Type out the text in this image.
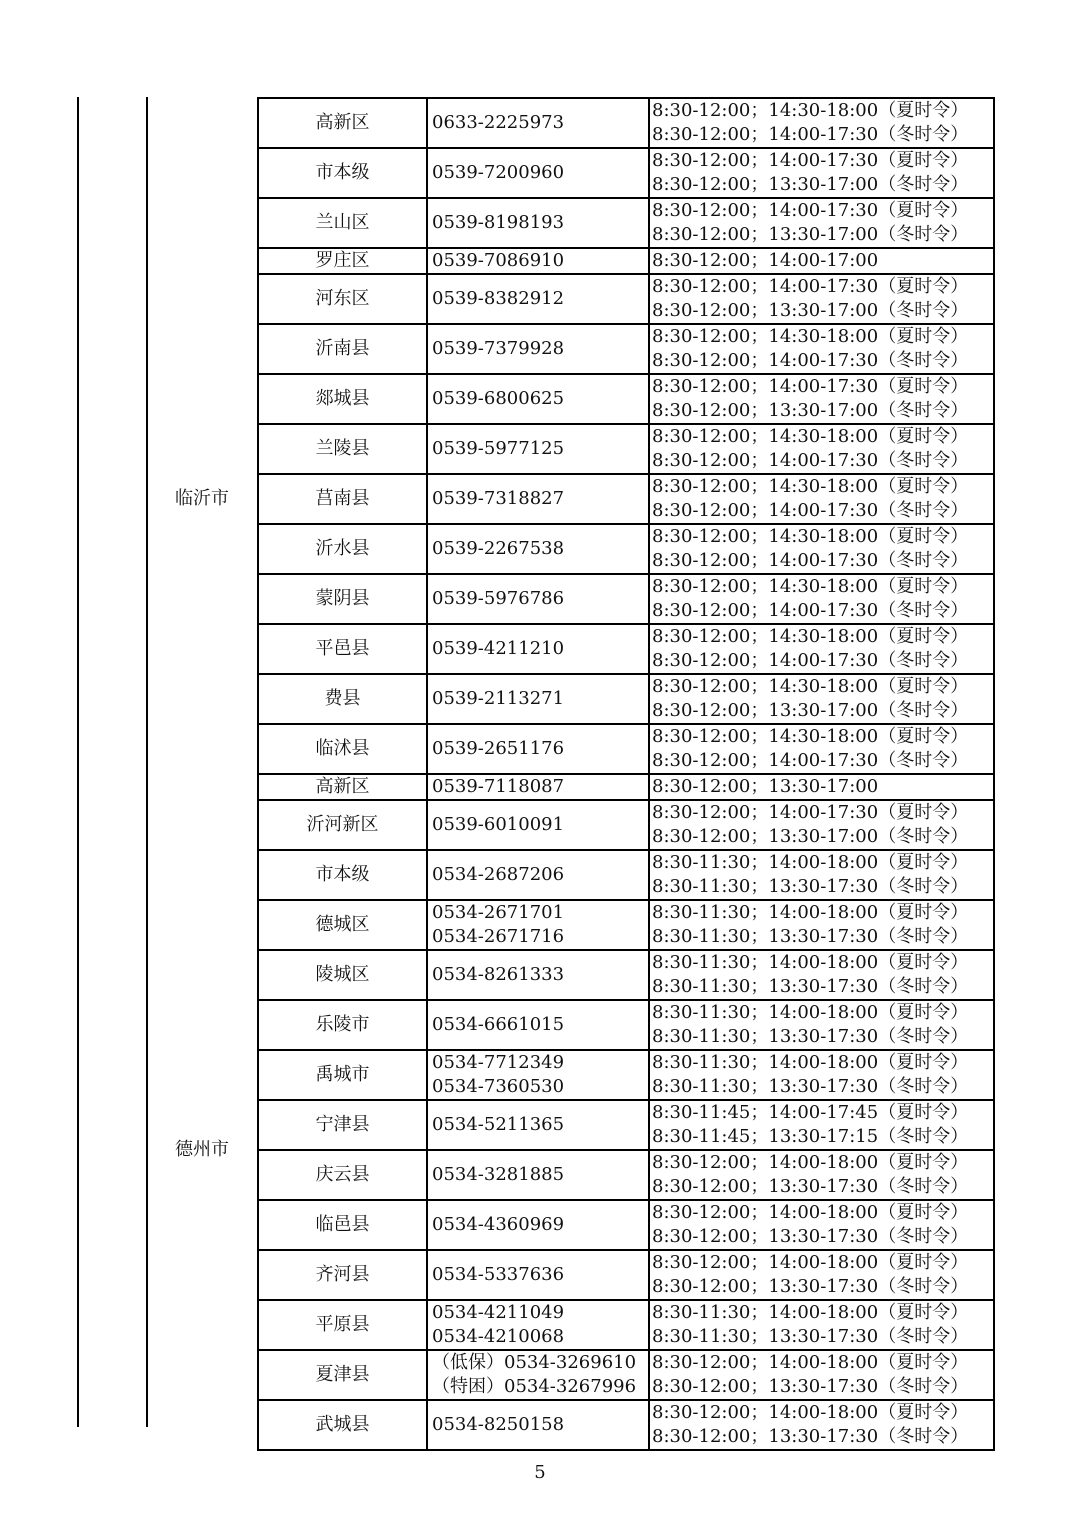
	高新区	0633-2225973	8:30-12:00；14:30-18:00（夏时令）
8:30-12:00；14:00-17:30（冬时令）

临沂市	市本级	0539-7200960	8:30-12:00；14:00-17:30（夏时令）
8:30-12:00；13:30-17:00（冬时令）

	兰山区	0539-8198193	8:30-12:00；14:00-17:30（夏时令）
8:30-12:00；13:30-17:00（冬时令）

	罗庄区	0539-7086910	8:30-12:00；14:00-17:00

	河东区	0539-8382912	8:30-12:00；14:00-17:30（夏时令）
8:30-12:00；13:30-17:00（冬时令）

	沂南县	0539-7379928	8:30-12:00；14:30-18:00（夏时令）
8:30-12:00；14:00-17:30（冬时令）

	郯城县	0539-6800625	8:30-12:00；14:00-17:30（夏时令）
8:30-12:00；13:30-17:00（冬时令）

	兰陵县	0539-5977125	8:30-12:00；14:30-18:00（夏时令）
8:30-12:00；14:00-17:30（冬时令）

	莒南县	0539-7318827	8:30-12:00；14:30-18:00（夏时令）
8:30-12:00；14:00-17:30（冬时令）

	沂水县	0539-2267538	8:30-12:00；14:30-18:00（夏时令）
8:30-12:00；14:00-17:30（冬时令）

	蒙阴县	0539-5976786	8:30-12:00；14:30-18:00（夏时令）
8:30-12:00；14:00-17:30（冬时令）

	平邑县	0539-4211210	8:30-12:00；14:30-18:00（夏时令）
8:30-12:00；14:00-17:30（冬时令）

	费县	0539-2113271	8:30-12:00；14:30-18:00（夏时令）
8:30-12:00；13:30-17:00（冬时令）

	临沭县	0539-2651176	8:30-12:00；14:30-18:00（夏时令）
8:30-12:00；14:00-17:30（冬时令）

	高新区	0539-7118087	8:30-12:00；13:30-17:00

	沂河新区	0539-6010091	8:30-12:00；14:00-17:30（夏时令）
8:30-12:00；13:30-17:00（冬时令）

德州市	市本级	0534-2687206	8:30-11:30；14:00-18:00（夏时令）
8:30-11:30；13:30-17:30（冬时令）

	德城区	0534-2671701
0534-2671716	8:30-11:30；14:00-18:00（夏时令）
8:30-11:30；13:30-17:30（冬时令）

	陵城区	0534-8261333	8:30-11:30；14:00-18:00（夏时令）
8:30-11:30；13:30-17:30（冬时令）

	乐陵市	0534-6661015	8:30-11:30；14:00-18:00（夏时令）
8:30-11:30；13:30-17:30（冬时令）

	禹城市	0534-7712349
0534-7360530	8:30-11:30；14:00-18:00（夏时令）
8:30-11:30；13:30-17:30（冬时令）

	宁津县	0534-5211365	8:30-11:45；14:00-17:45（夏时令）
8:30-11:45；13:30-17:15（冬时令）

	庆云县	0534-3281885	8:30-12:00；14:00-18:00（夏时令）
8:30-12:00；13:30-17:30（冬时令）

	临邑县	0534-4360969	8:30-12:00；14:00-18:00（夏时令）
8:30-12:00；13:30-17:30（冬时令）

	齐河县	0534-5337636	8:30-12:00；14:00-18:00（夏时令）
8:30-12:00；13:30-17:30（冬时令）

	平原县	0534-4211049
0534-4210068	8:30-11:30；14:00-18:00（夏时令）
8:30-11:30；13:30-17:30（冬时令）

	夏津县	（低保）0534-3269610
（特困）0534-3267996	8:30-12:00；14:00-18:00（夏时令）
8:30-12:00；13:30-17:30（冬时令）

	武城县	0534-8250158	8:30-12:00；14:00-18:00（夏时令）
8:30-12:00；13:30-17:30（冬时令）
5
